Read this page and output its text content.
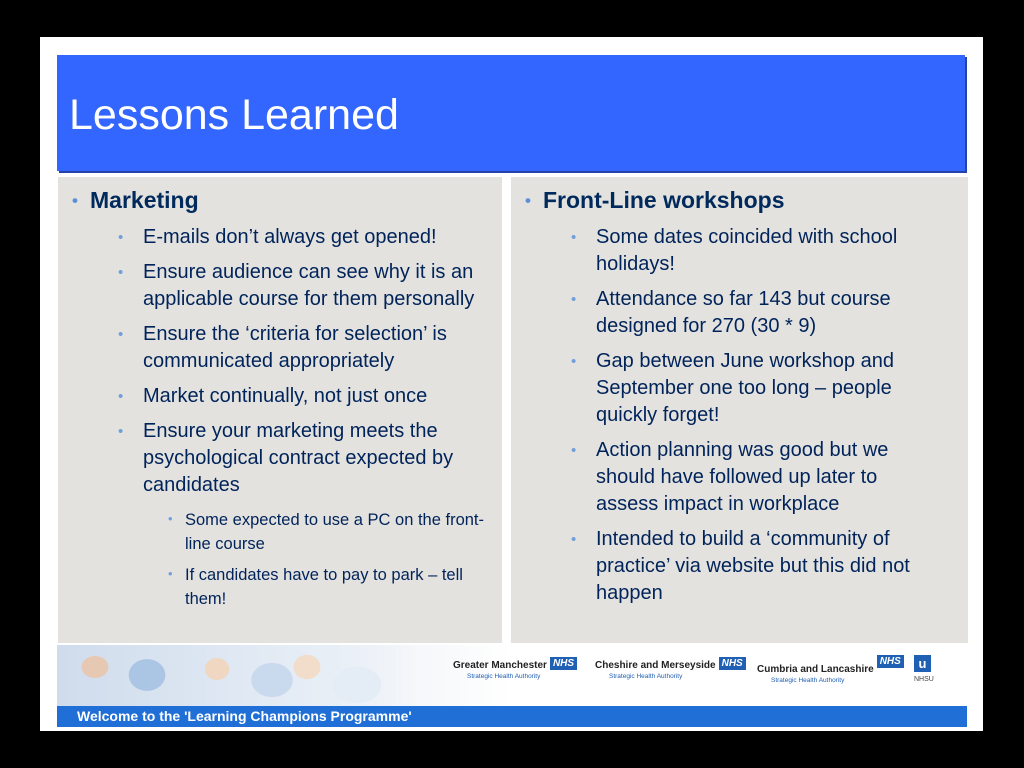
Lessons Learned
• Marketing
• E-mails don’t always get opened!
• Ensure audience can see why it is an applicable course for them personally
• Ensure the ‘criteria for selection’ is communicated appropriately
• Market continually, not just once
• Ensure your marketing meets the psychological contract expected by candidates
• Some expected to use a PC on the front-line course
• If candidates have to pay to park – tell them!
• Front-Line workshops
• Some dates coincided with school holidays!
• Attendance so far 143 but course designed for 270 (30 * 9)
• Gap between June workshop and September one too long – people quickly forget!
• Action planning was good but we should have followed up later to assess impact in workplace
• Intended to build a ‘community of practice’ via website but this did not happen
Greater Manchester NHS
Strategic Health Authority
Cheshire and Merseyside NHS
Strategic Health Authority
Cumbria and LancashireNHS
Strategic Health Authority
u
NHSU
Welcome to the 'Learning Champions Programme'
